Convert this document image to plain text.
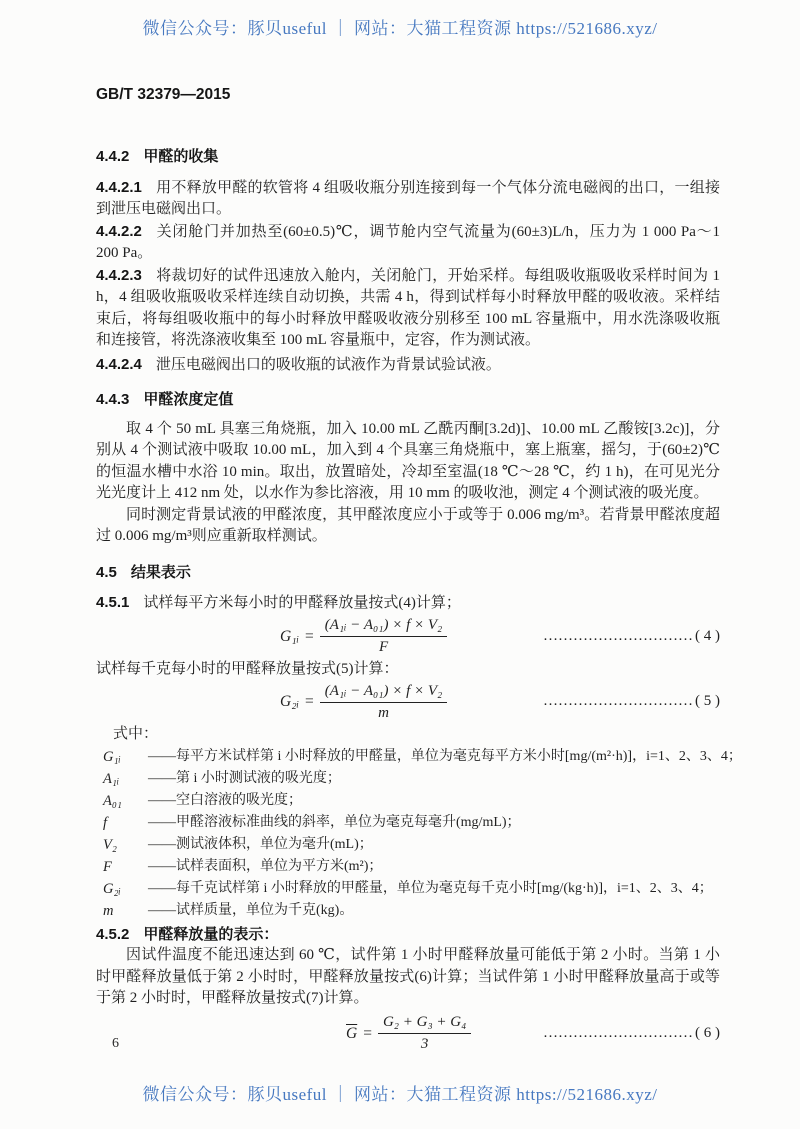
微信公众号：豚贝useful ｜ 网站：大猫工程资源 https://521686.xyz/
GB/T 32379—2015

4.4.2 甲醛的收集

4.4.2.1 用不释放甲醛的软管将 4 组吸收瓶分别连接到每一个气体分流电磁阀的出口，一组接到泄压电磁阀出口。

4.4.2.2 关闭舱门并加热至(60±0.5)℃，调节舱内空气流量为(60±3)L/h，压力为 1 000 Pa～1 200 Pa。

4.4.2.3 将裁切好的试件迅速放入舱内，关闭舱门，开始采样。每组吸收瓶吸收采样时间为 1 h，4 组吸收瓶吸收采样连续自动切换，共需 4 h，得到试样每小时释放甲醛的吸收液。采样结束后，将每组吸收瓶中的每小时释放甲醛吸收液分别移至 100 mL 容量瓶中，用水洗涤吸收瓶和连接管，将洗涤液收集至 100 mL 容量瓶中，定容，作为测试液。

4.4.2.4 泄压电磁阀出口的吸收瓶的试液作为背景试验试液。

4.4.3 甲醛浓度定值

取 4 个 50 mL 具塞三角烧瓶，加入 10.00 mL 乙酰丙酮[3.2d)]、10.00 mL 乙酸铵[3.2c)]，分别从 4 个测试液中吸取 10.00 mL，加入到 4 个具塞三角烧瓶中，塞上瓶塞，摇匀，于(60±2)℃的恒温水槽中水浴 10 min。取出，放置暗处，冷却至室温(18 ℃～28 ℃，约 1 h)，在可见光分光光度计上 412 nm 处，以水作为参比溶液，用 10 mm 的吸收池，测定 4 个测试液的吸光度。

同时测定背景试液的甲醛浓度，其甲醛浓度应小于或等于 0.006 mg/m³。若背景甲醛浓度超过 0.006 mg/m³则应重新取样测试。

4.5 结果表示

4.5.1 试样每平方米每小时的甲醛释放量按式(4)计算；

G₁ᵢ = $\frac{\text{(A₁ᵢ − A₀₁) × f × V₂}}{F}$	………………………… ( 4 )

试样每千克每小时的甲醛释放量按式(5)计算：

G₂ᵢ = $\frac{\text{(A₁ᵢ − A₀₁) × f × V₂}}{m}$	………………………… ( 5 )

式中：

G₁ᵢ	—— 每平方米试样第 i 小时释放的甲醛量，单位为毫克每平方米小时[mg/(m²·h)]，i=1、2、3、4；
A₁ᵢ	—— 第 i 小时测试液的吸光度；
A₀₁	—— 空白溶液的吸光度；
f	—— 甲醛溶液标准曲线的斜率，单位为毫克每毫升(mg/mL)；
V₂	—— 测试液体积，单位为毫升(mL)；
F	—— 试样表面积，单位为平方米(m²)；
G₂ᵢ	—— 每千克试样第 i 小时释放的甲醛量，单位为毫克每千克小时[mg/(kg·h)]，i=1、2、3、4；
m	—— 试样质量，单位为千克(kg)。

4.5.2 甲醛释放量的表示：

因试件温度不能迅速达到 60 ℃，试件第 1 小时甲醛释放量可能低于第 2 小时。当第 1 小时甲醛释放量低于第 2 小时时，甲醛释放量按式(6)计算；当试件第 1 小时甲醛释放量高于或等于第 2 小时时，甲醛释放量按式(7)计算。

$\overline{G} = \frac{\text{G₂ + G₃ + G₄}}{3}$	………………………… ( 6 )
6
微信公众号：豚贝useful ｜ 网站：大猫工程资源 https://521686.xyz/
